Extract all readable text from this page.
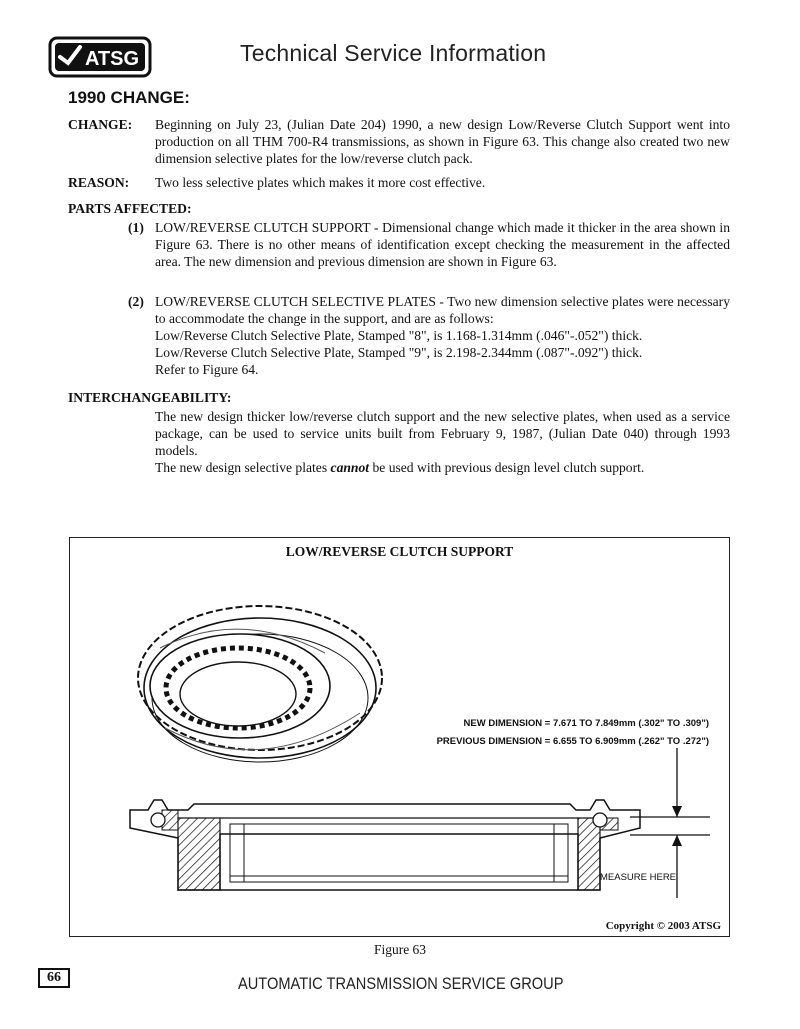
ATSG	Technical Service Information
1990 CHANGE:
CHANGE: Beginning on July 23, (Julian Date 204) 1990, a new design Low/Reverse Clutch Support went into production on all THM 700-R4 transmissions, as shown in Figure 63. This change also created two new dimension selective plates for the low/reverse clutch pack.
REASON: Two less selective plates which makes it more cost effective.
PARTS AFFECTED:
(1) LOW/REVERSE CLUTCH SUPPORT - Dimensional change which made it thicker in the area shown in Figure 63. There is no other means of identification except checking the measurement in the affected area. The new dimension and previous dimension are shown in Figure 63.
(2) LOW/REVERSE CLUTCH SELECTIVE PLATES - Two new dimension selective plates were necessary to accommodate the change in the support, and are as follows:

Low/Reverse Clutch Selective Plate, Stamped "8", is 1.168-1.314mm (.046"-.052") thick.

Low/Reverse Clutch Selective Plate, Stamped "9", is 2.198-2.344mm (.087"-.092") thick.

Refer to Figure 64.

INTERCHANGEABILITY:

The new design thicker low/reverse clutch support and the new selective plates, when used as a service package, can be used to service units built from February 9, 1987, (Julian Date 040) through 1993 models.

The new design selective plates cannot be used with previous design level clutch support.

LOW/REVERSE CLUTCH SUPPORT
NEW DIMENSION = 7.671 TO 7.849mm (.302" TO .309")
PREVIOUS DIMENSION = 6.655 TO 6.909mm (.262" TO .272")
MEASURE HERE
Copyright © 2003 ATSG
Figure 63
66	AUTOMATIC TRANSMISSION SERVICE GROUP
